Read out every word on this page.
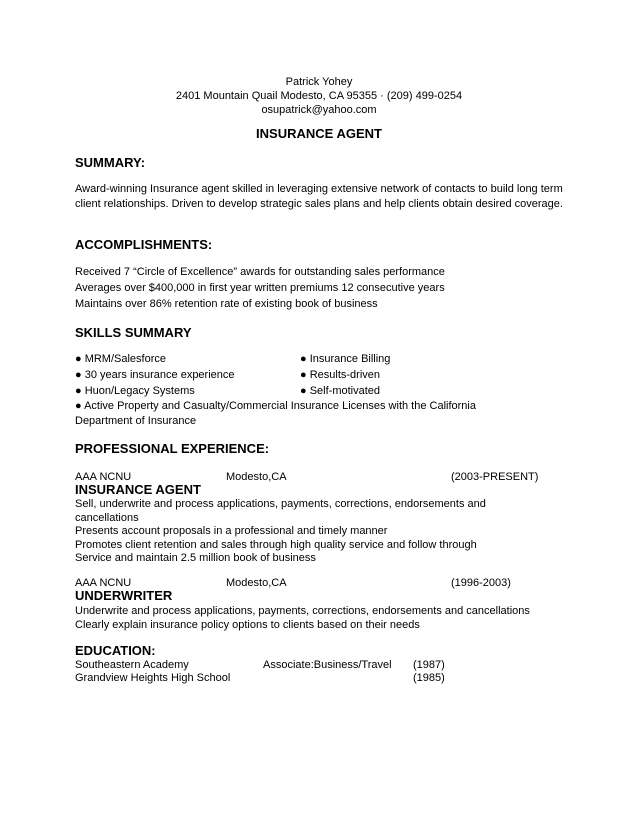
Patrick Yohey
2401 Mountain Quail Modesto, CA 95355 · (209) 499-0254
osupatrick@yahoo.com
INSURANCE AGENT
SUMMARY:
Award-winning Insurance agent skilled in leveraging extensive network of contacts to build long term client relationships. Driven to develop strategic sales plans and help clients obtain desired coverage.
ACCOMPLISHMENTS:
Received 7 “Circle of Excellence” awards for outstanding sales performance
Averages over $400,000 in first year written premiums 12 consecutive years
Maintains over 86% retention rate of existing book of business
SKILLS SUMMARY
● MRM/Salesforce
● 30 years insurance experience
● Huon/Legacy Systems
● Insurance Billing
● Results-driven
● Self-motivated
● Active Property and Casualty/Commercial Insurance Licenses with the California
Department of Insurance
PROFESSIONAL EXPERIENCE:
AAA NCNU	Modesto,CA	(2003-PRESENT)
INSURANCE AGENT
Sell, underwrite and process applications, payments, corrections, endorsements and cancellations
Presents account proposals in a professional and timely manner
Promotes client retention and sales through high quality service and follow through
Service and maintain 2.5 million book of business
AAA NCNU	Modesto,CA	(1996-2003)
UNDERWRITER
Underwrite and process applications, payments, corrections, endorsements and cancellations
Clearly explain insurance policy options to clients based on their needs
EDUCATION:
Southeastern Academy	Associate:Business/Travel (1987)
Grandview Heights High School	(1985)
